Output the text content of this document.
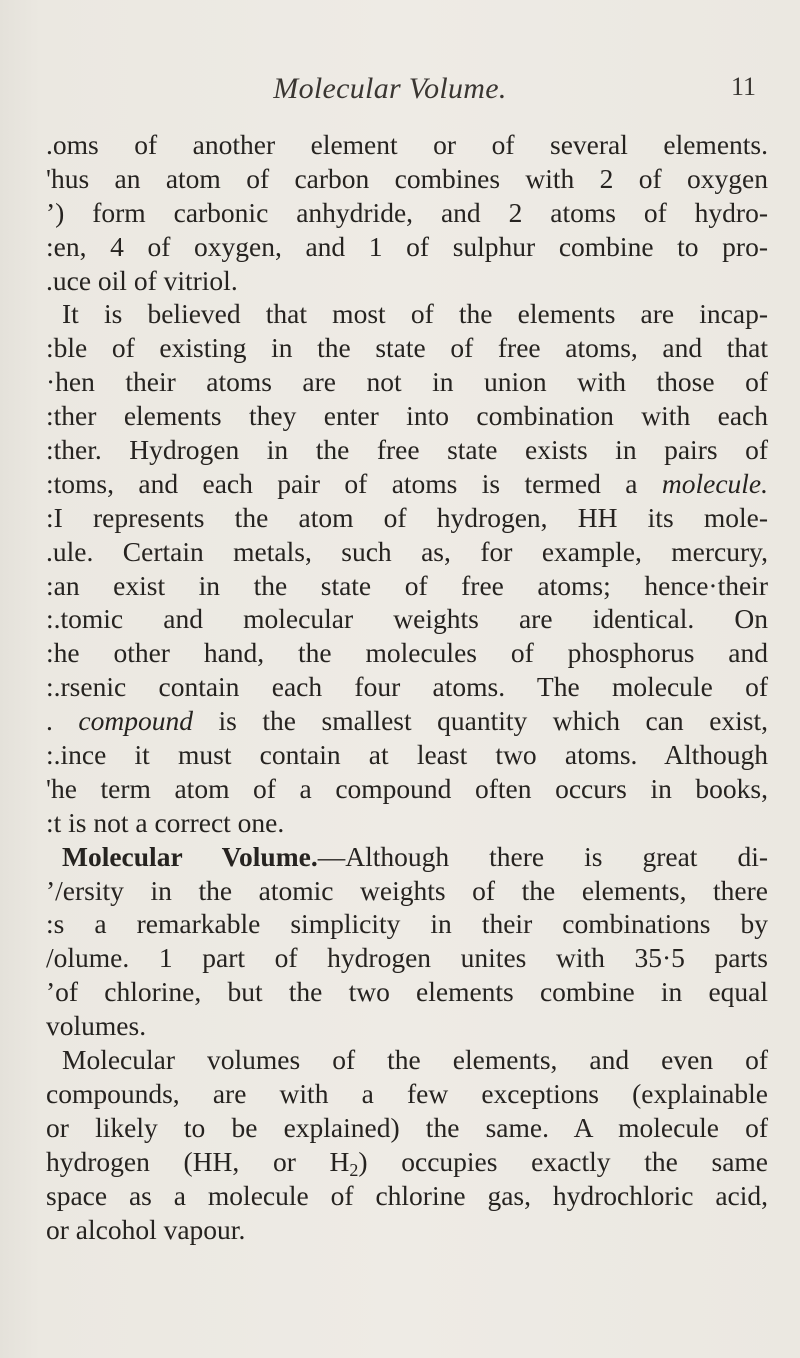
Molecular Volume.	11
.oms of another element or of several elements.
'hus an atom of carbon combines with 2 of oxygen
’) form carbonic anhydride, and 2 atoms of hydro-
:en, 4 of oxygen, and 1 of sulphur combine to pro-
.uce oil of vitriol.
It is believed that most of the elements are incap-
:ble of existing in the state of free atoms, and that
·hen their atoms are not in union with those of
:ther elements they enter into combination with each
:ther. Hydrogen in the free state exists in pairs of
:toms, and each pair of atoms is termed a molecule.
:I represents the atom of hydrogen, HH its mole-
.ule. Certain metals, such as, for example, mercury,
:an exist in the state of free atoms; hence·their
:.tomic and molecular weights are identical. On
:he other hand, the molecules of phosphorus and
:.rsenic contain each four atoms. The molecule of
. compound is the smallest quantity which can exist,
:.ince it must contain at least two atoms. Although
'he term atom of a compound often occurs in books,
:t is not a correct one.
Molecular Volume.—Although there is great di-
’/ersity in the atomic weights of the elements, there
:s a remarkable simplicity in their combinations by
/olume. 1 part of hydrogen unites with 35·5 parts
’of chlorine, but the two elements combine in equal
volumes.
Molecular volumes of the elements, and even of
compounds, are with a few exceptions (explainable
or likely to be explained) the same. A molecule of
hydrogen (HH, or $H_2$) occupies exactly the same
space as a molecule of chlorine gas, hydrochloric acid,
or alcohol vapour.
